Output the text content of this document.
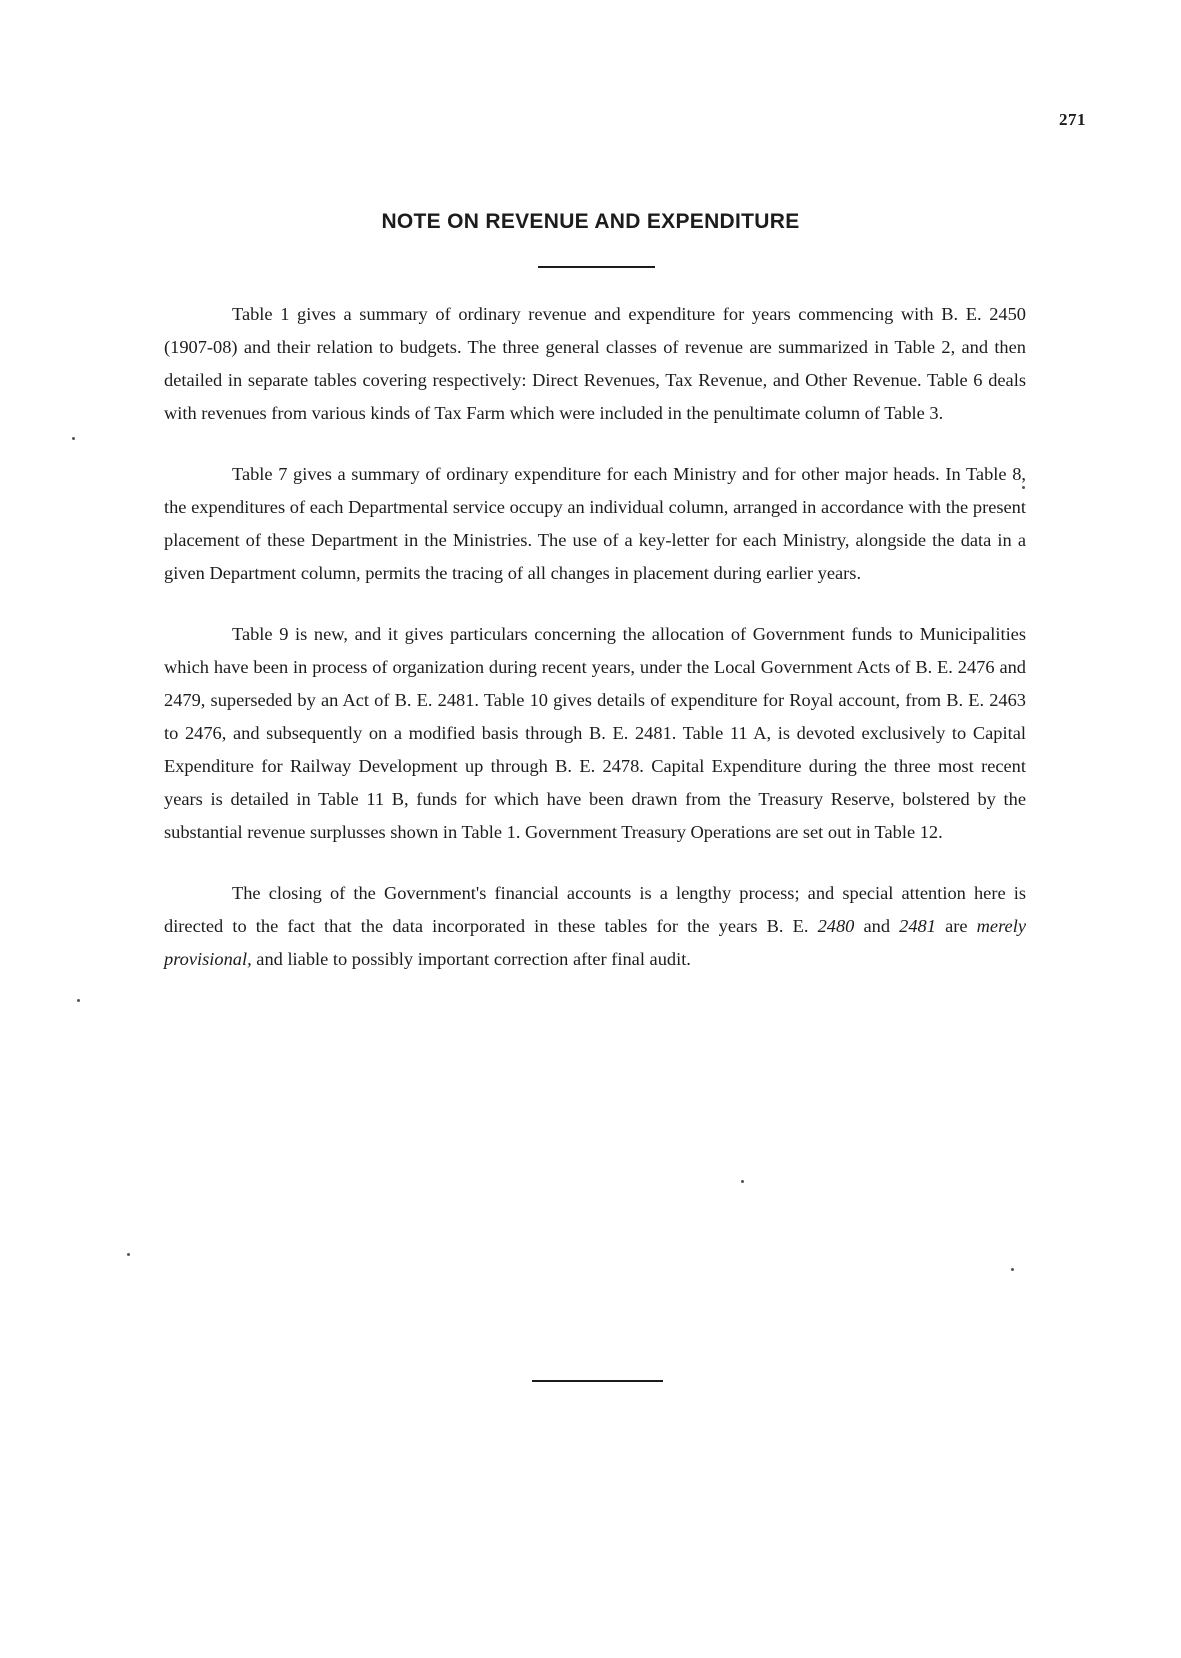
271
NOTE ON REVENUE AND EXPENDITURE

Table 1 gives a summary of ordinary revenue and expenditure for years commencing with B. E. 2450 (1907-08) and their relation to budgets. The three general classes of revenue are summarized in Table 2, and then detailed in separate tables covering respectively: Direct Revenues, Tax Revenue, and Other Revenue. Table 6 deals with revenues from various kinds of Tax Farm which were included in the penultimate column of Table 3.

Table 7 gives a summary of ordinary expenditure for each Ministry and for other major heads. In Table 8, the expenditures of each Departmental service occupy an individual column, arranged in accordance with the present placement of these Department in the Ministries. The use of a key-letter for each Ministry, alongside the data in a given Department column, permits the tracing of all changes in placement during earlier years.

Table 9 is new, and it gives particulars concerning the allocation of Government funds to Municipalities which have been in process of organization during recent years, under the Local Government Acts of B. E. 2476 and 2479, superseded by an Act of B. E. 2481. Table 10 gives details of expenditure for Royal account, from B. E. 2463 to 2476, and subsequently on a modified basis through B. E. 2481. Table 11 A, is devoted exclusively to Capital Expenditure for Railway Development up through B. E. 2478. Capital Expenditure during the three most recent years is detailed in Table 11 B, funds for which have been drawn from the Treasury Reserve, bolstered by the substantial revenue surplusses shown in Table 1. Government Treasury Operations are set out in Table 12.

The closing of the Government's financial accounts is a lengthy process; and special attention here is directed to the fact that the data incorporated in these tables for the years B. E. 2480 and 2481 are merely provisional, and liable to possibly important correction after final audit.
